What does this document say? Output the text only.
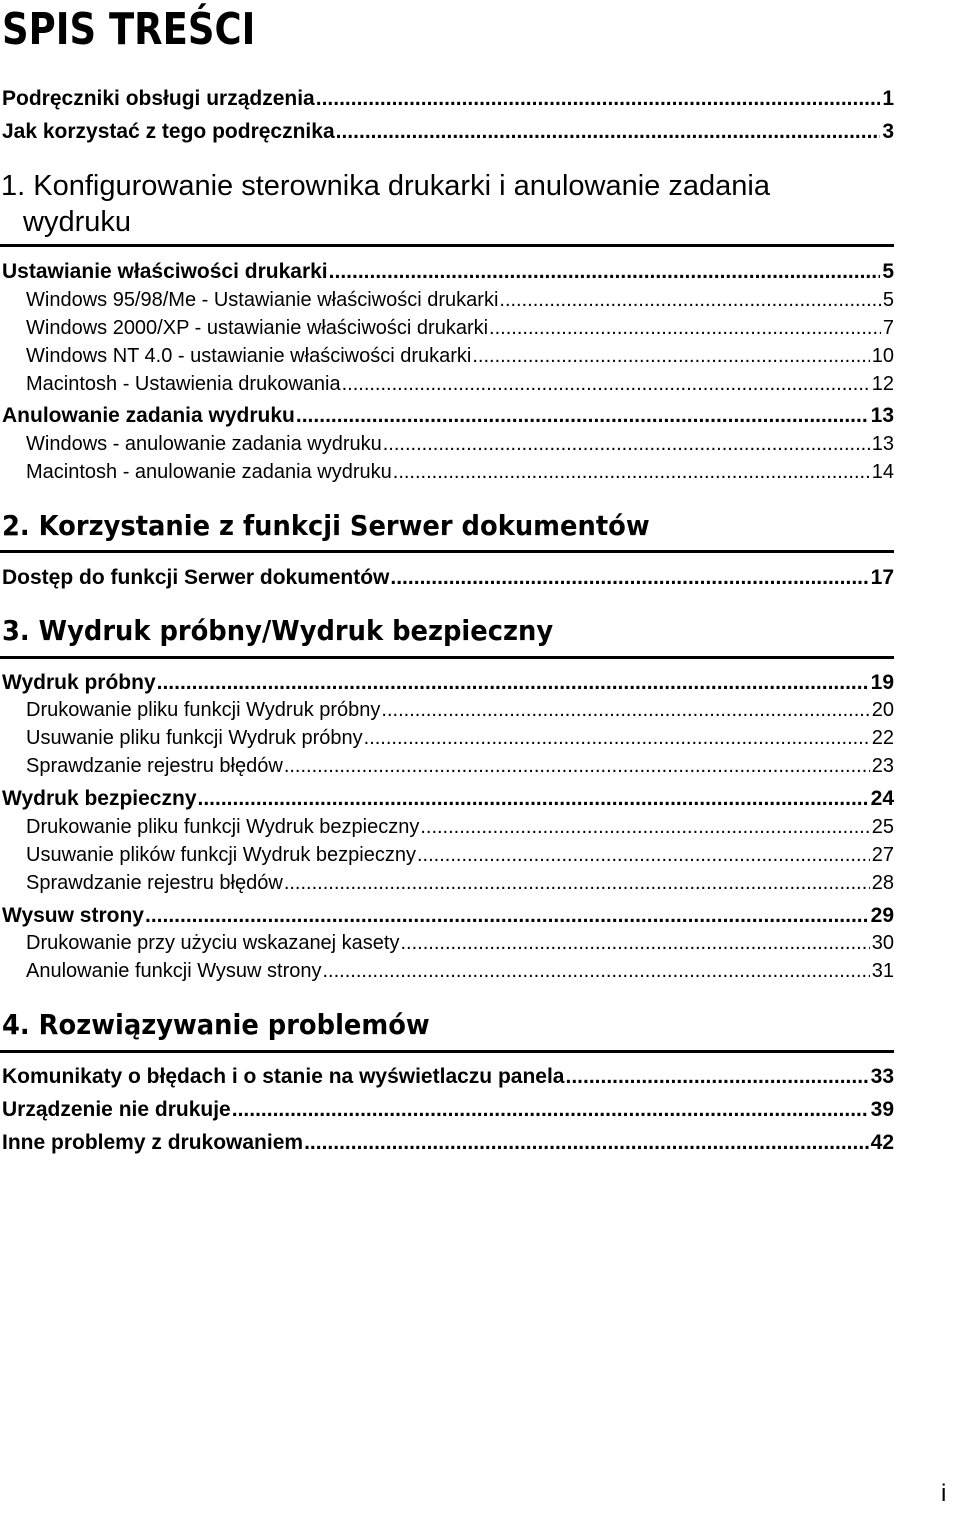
SPIS TREŚCI
Podręczniki obsługi urządzenia .....	1
Jak korzystać z tego podręcznika .....	3
1. Konfigurowanie sterownika drukarki i anulowanie zadania
wydruku
Ustawianie właściwości drukarki .....	5
Windows 95/98/Me - Ustawianie właściwości drukarki .....	5
Windows 2000/XP - ustawianie właściwości drukarki .....	7
Windows NT 4.0 - ustawianie właściwości drukarki .....	10
Macintosh - Ustawienia drukowania .....	12
Anulowanie zadania wydruku .....	13
Windows - anulowanie zadania wydruku .....	13
Macintosh - anulowanie zadania wydruku .....	14
2. Korzystanie z funkcji Serwer dokumentów
Dostęp do funkcji Serwer dokumentów .....	17
3. Wydruk próbny/Wydruk bezpieczny
Wydruk próbny .....	19
Drukowanie pliku funkcji Wydruk próbny .....	20
Usuwanie pliku funkcji Wydruk próbny .....	22
Sprawdzanie rejestru błędów .....	23
Wydruk bezpieczny .....	24
Drukowanie pliku funkcji Wydruk bezpieczny .....	25
Usuwanie plików funkcji Wydruk bezpieczny .....	27
Sprawdzanie rejestru błędów .....	28
Wysuw strony .....	29
Drukowanie przy użyciu wskazanej kasety .....	30
Anulowanie funkcji Wysuw strony .....	31
4. Rozwiązywanie problemów
Komunikaty o błędach i o stanie na wyświetlaczu panela .....	33
Urządzenie nie drukuje .....	39
Inne problemy z drukowaniem .....	42
i
